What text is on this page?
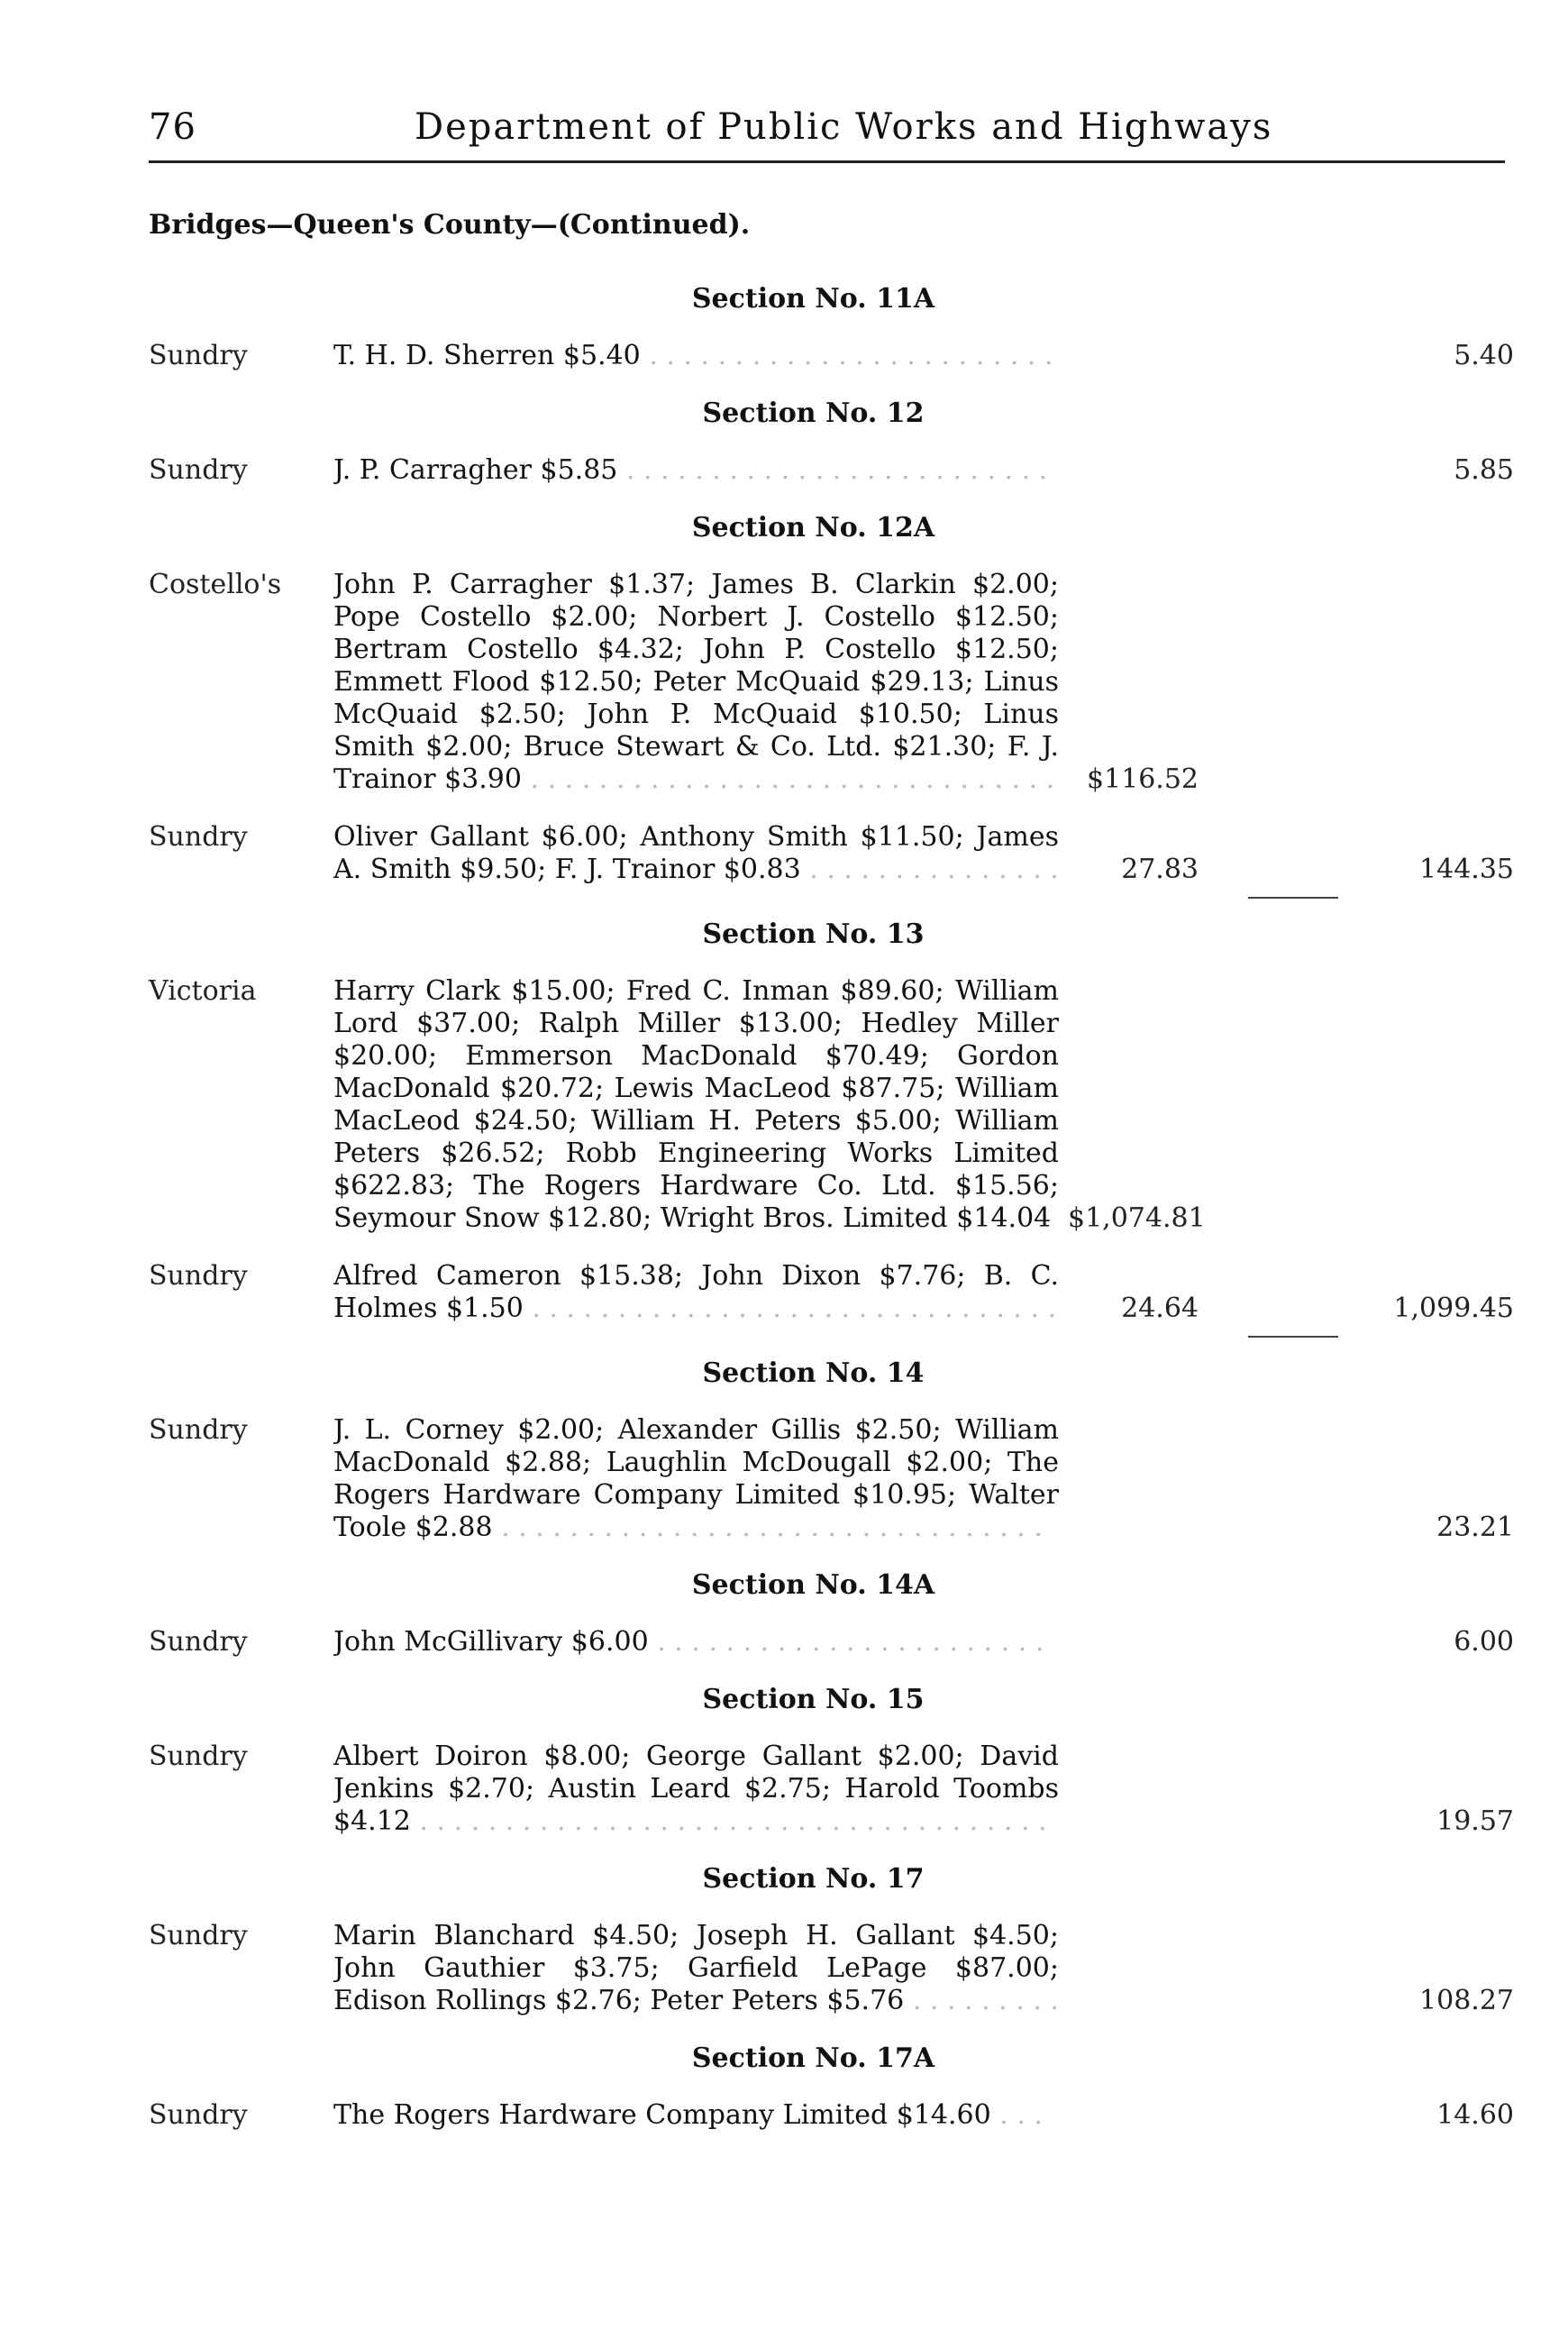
76	Department of Public Works and Highways
Bridges—Queen's County—(Continued).
Section No. 11A
Sundry	T. H. D. Sherren $5.40 . . . . . . . . . . . . . . . . . . . . . . . .	5.40
Section No. 12
Sundry	J. P. Carragher $5.85 . . . . . . . . . . . . . . . . . . . . . . . . .	5.85
Section No. 12A
Costello's	John P. Carragher $1.37; James B. Clarkin $2.00; Pope Costello $2.00; Norbert J. Costello $12.50; Bertram Costello $4.32; John P. Costello $12.50; Emmett Flood $12.50; Peter McQuaid $29.13; Linus McQuaid $2.50; John P. McQuaid $10.50; Linus Smith $2.00; Bruce Stewart & Co. Ltd. $21.30; F. J. Trainor $3.90 . . . . . . . . . . . . . . . . . . . . . . . . . . . . . . .	$116.52
Sundry	Oliver Gallant $6.00; Anthony Smith $11.50; James A. Smith $9.50; F. J. Trainor $0.83 . . . . . . . . . . . . . . .	27.83	144.35
Section No. 13
Victoria	Harry Clark $15.00; Fred C. Inman $89.60; William Lord $37.00; Ralph Miller $13.00; Hedley Miller $20.00; Emmerson MacDonald $70.49; Gordon MacDonald $20.72; Lewis MacLeod $87.75; William MacLeod $24.50; William H. Peters $5.00; William Peters $26.52; Robb Engineering Works Limited $622.83; The Rogers Hardware Co. Ltd. $15.56; Seymour Snow $12.80; Wright Bros. Limited $14.04 $1,074.81
Sundry	Alfred Cameron $15.38; John Dixon $7.76; B. C. Holmes $1.50 . . . . . . . . . . . . . . . . . . . . . . . . . . . . . . .	24.64	1,099.45
Section No. 14
Sundry	J. L. Corney $2.00; Alexander Gillis $2.50; William MacDonald $2.88; Laughlin McDougall $2.00; The Rogers Hardware Company Limited $10.95; Walter Toole $2.88 . . . . . . . . . . . . . . . . . . . . . . . . . . . . . . . .	23.21
Section No. 14A
Sundry	John McGillivary $6.00 . . . . . . . . . . . . . . . . . . . . . . .	6.00
Section No. 15
Sundry	Albert Doiron $8.00; George Gallant $2.00; David Jenkins $2.70; Austin Leard $2.75; Harold Toombs $4.12 . . . . . . . . . . . . . . . . . . . . . . . . . . . . . . . . . . . . .	19.57
Section No. 17
Sundry	Marin Blanchard $4.50; Joseph H. Gallant $4.50; John Gauthier $3.75; Garfield LePage $87.00; Edison Rollings $2.76; Peter Peters $5.76 . . . . . . . . .	108.27
Section No. 17A
Sundry	The Rogers Hardware Company Limited $14.60 . . .	14.60
